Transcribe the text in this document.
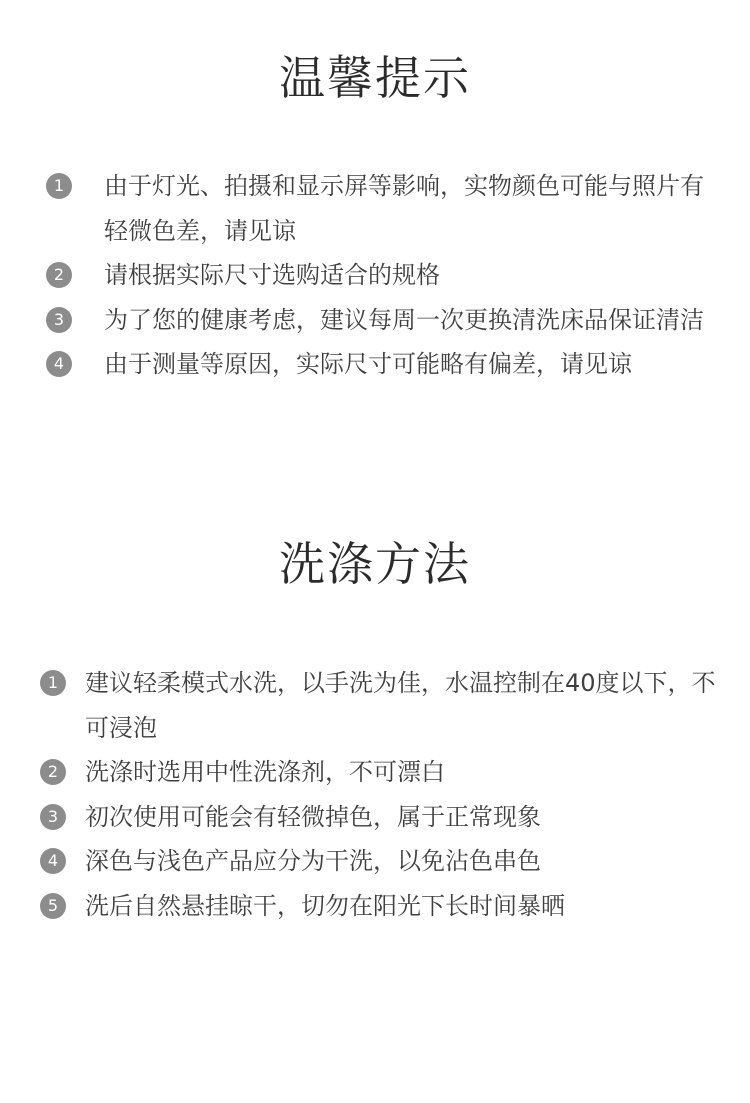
温馨提示
1	由于灯光、拍摄和显示屏等影响，实物颜色可能与照片有轻微色差，请见谅
2	请根据实际尺寸选购适合的规格
3	为了您的健康考虑，建议每周一次更换清洗床品保证清洁
4	由于测量等原因，实际尺寸可能略有偏差，请见谅
洗涤方法
1	建议轻柔模式水洗，以手洗为佳，水温控制在40度以下，不可浸泡
2	洗涤时选用中性洗涤剂，不可漂白
3	初次使用可能会有轻微掉色，属于正常现象
4	深色与浅色产品应分为干洗，以免沾色串色
5	洗后自然悬挂晾干，切勿在阳光下长时间暴晒
